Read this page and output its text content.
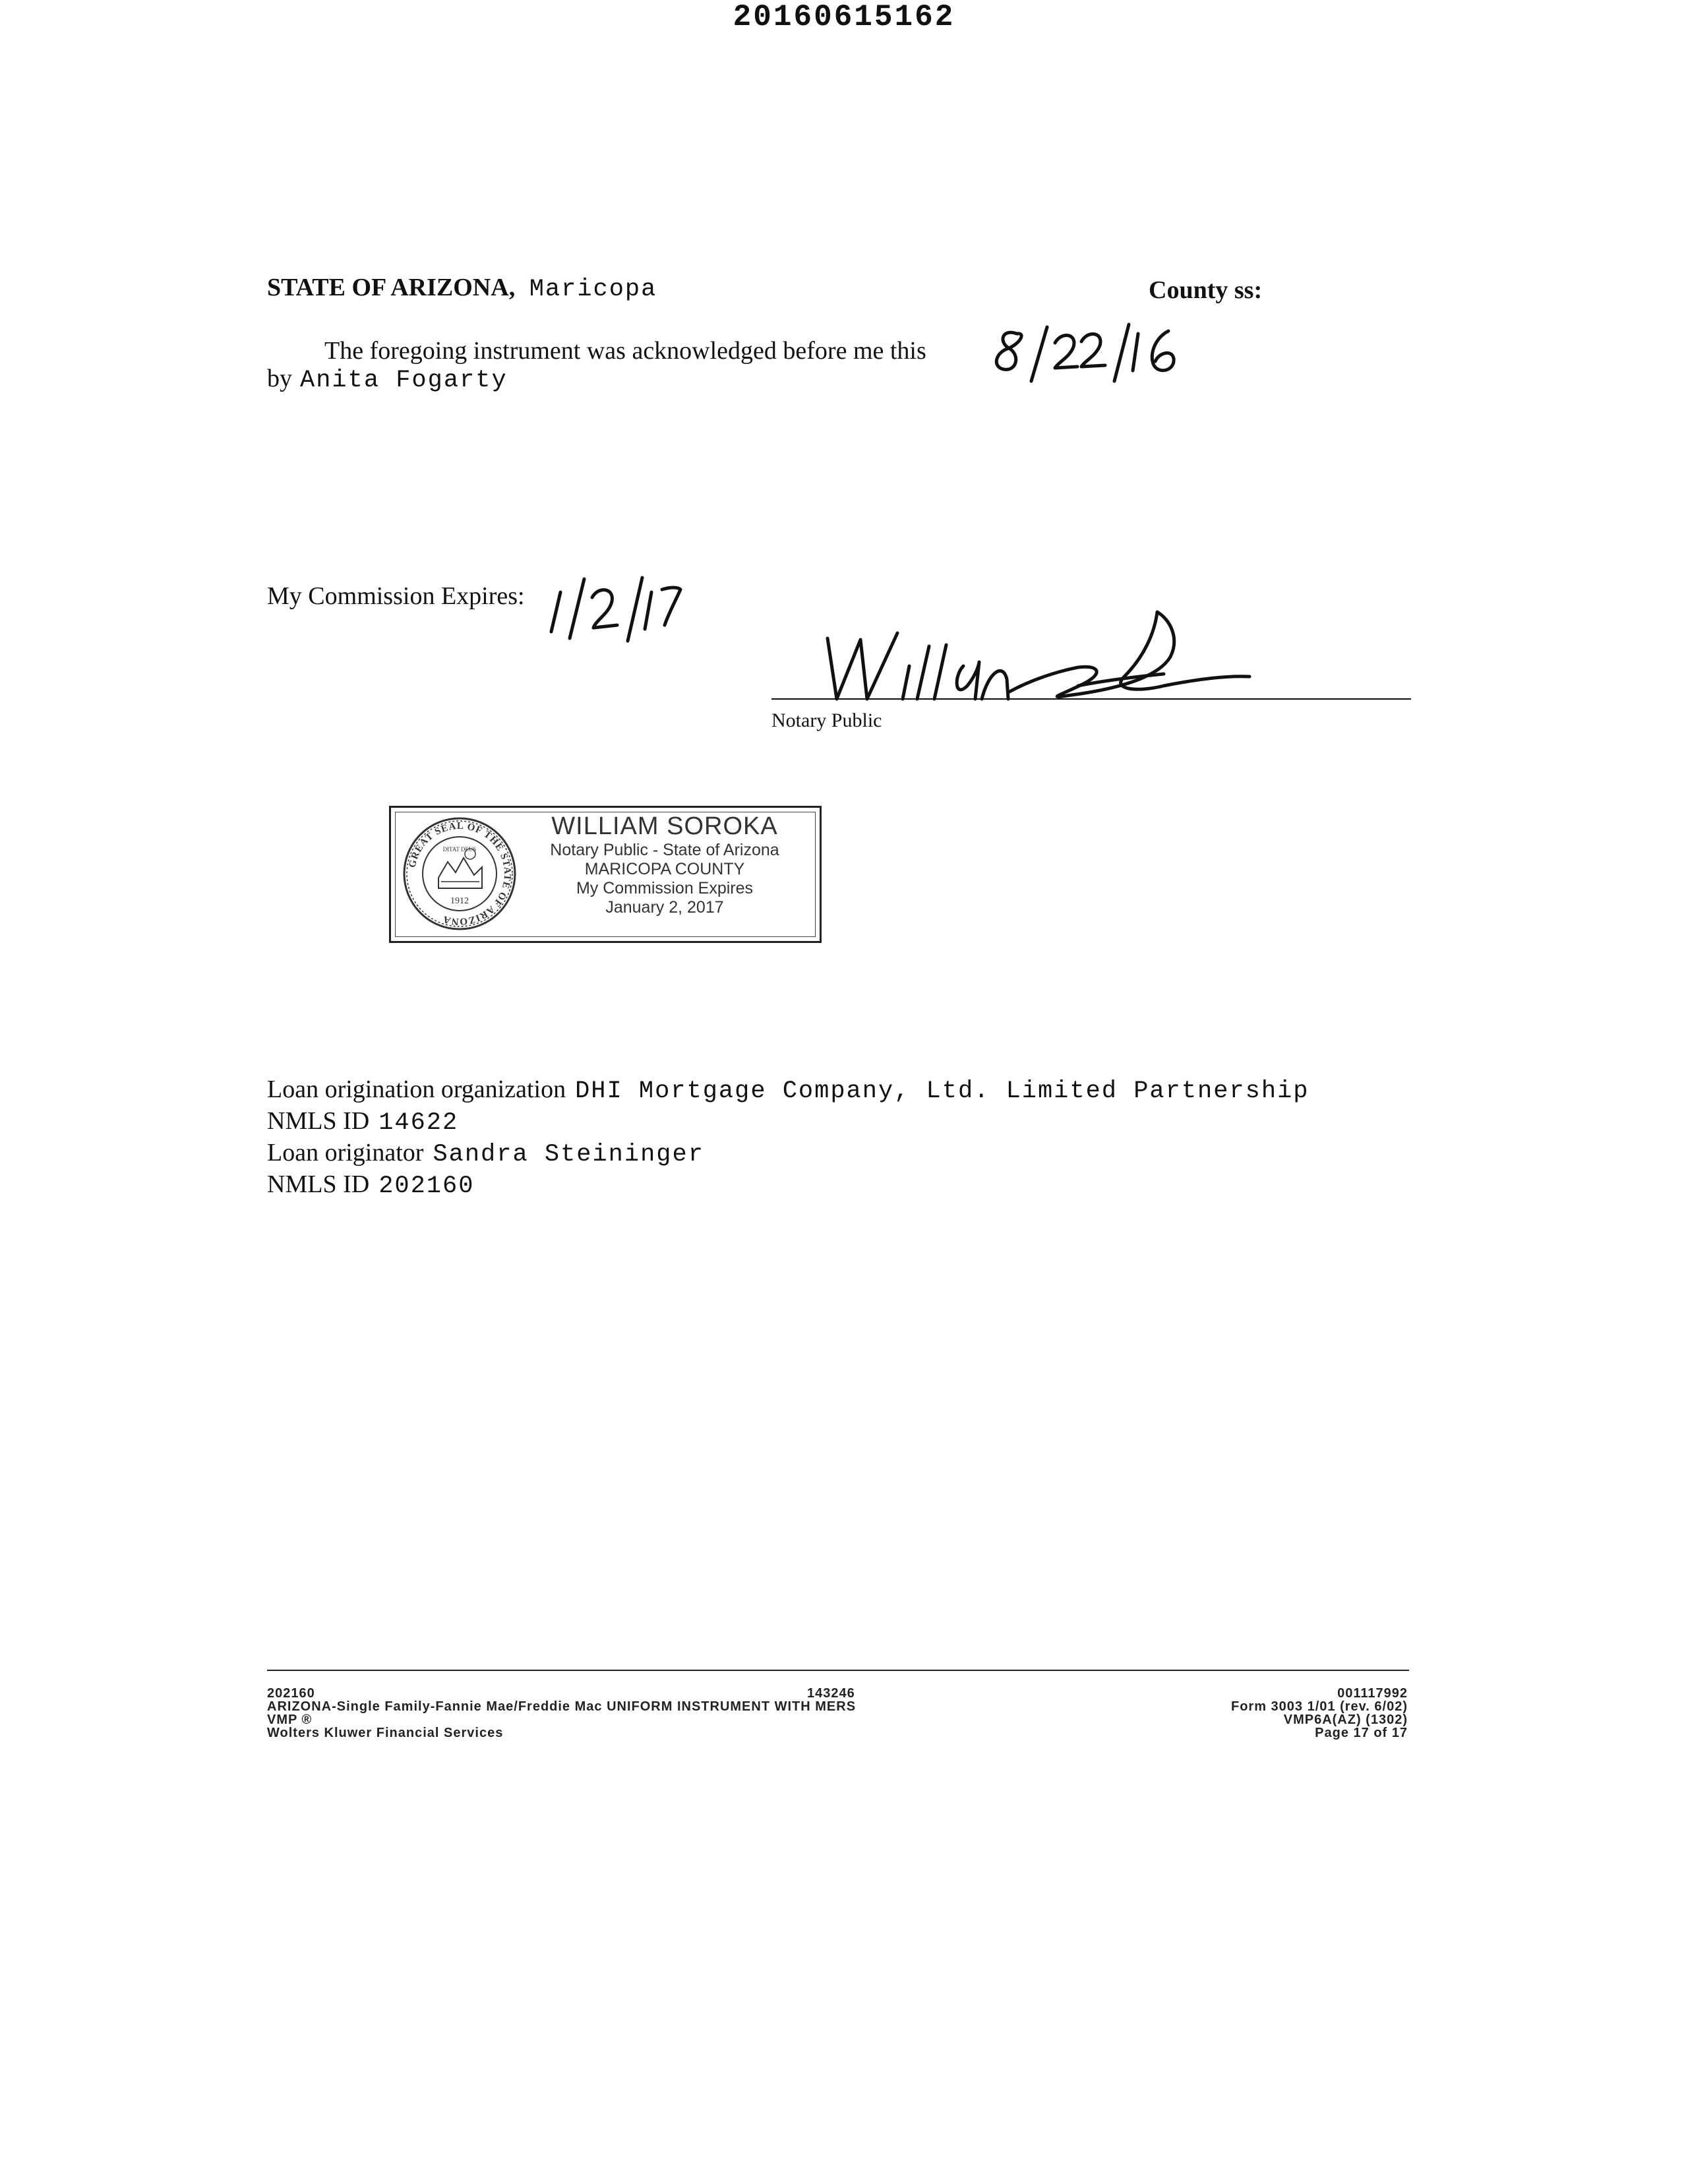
20160615162
STATE OF ARIZONA, Maricopa	County ss:
The foregoing instrument was acknowledged before me this
by Anita Fogarty
My Commission Expires:
Notary Public
GREAT SEAL OF THE STATE OF ARIZONA
DITAT DEUS
1912
WILLIAM SOROKA
Notary Public - State of Arizona
MARICOPA COUNTY
My Commission Expires
January 2, 2017
Loan origination organization DHI Mortgage Company, Ltd. Limited Partnership
NMLS ID 14622
Loan originator Sandra Steininger
NMLS ID 202160
202160
ARIZONA-Single Family-Fannie Mae/Freddie Mac UNIFORM INSTRUMENT WITH MERS
VMP ®
Wolters Kluwer Financial Services
143246	001117992
Form 3003 1/01 (rev. 6/02)
VMP6A(AZ) (1302)
Page 17 of 17
